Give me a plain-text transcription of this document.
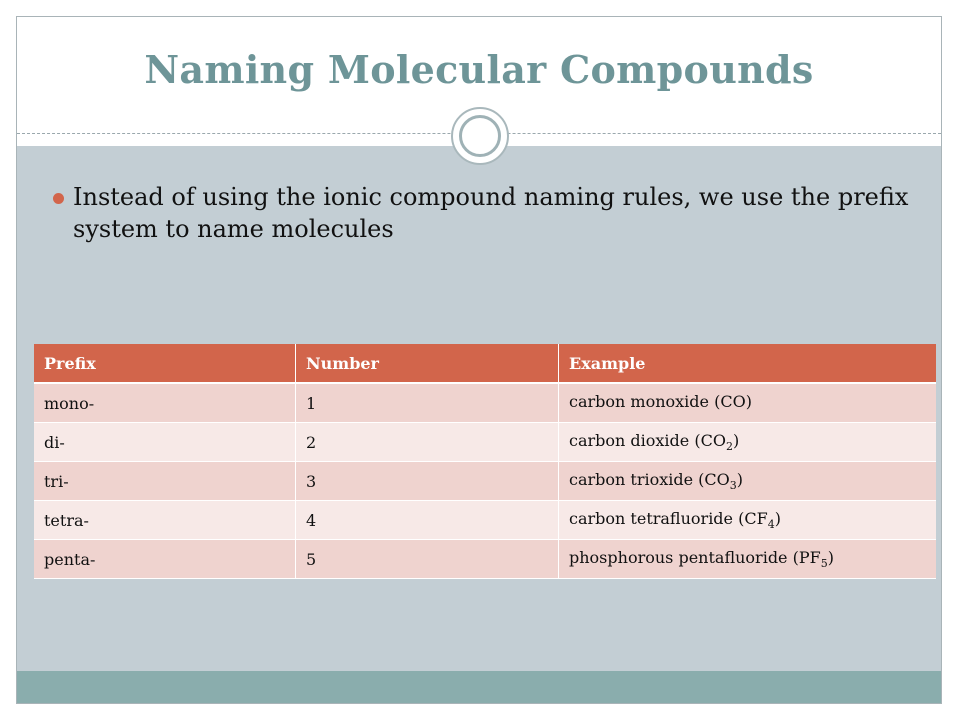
Naming Molecular Compounds
Instead of using the ionic compound naming rules, we use the prefix system to name molecules
Prefix	Number	Example
mono-	1	carbon monoxide (CO)
di-	2	carbon dioxide $(CO_2)$
tri-	3	carbon trioxide $(CO_3)$
tetra-	4	carbon tetrafluoride $(CF_4)$
penta-	5	phosphorous pentafluoride $(PF_5)$
